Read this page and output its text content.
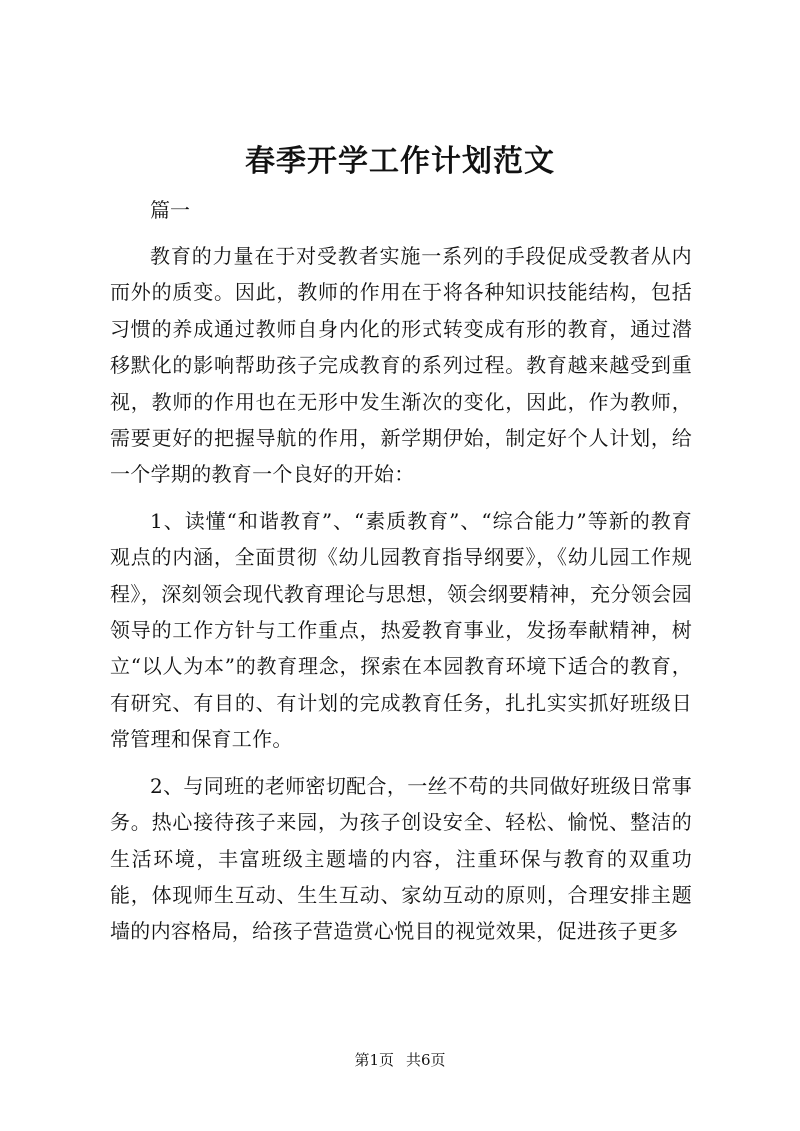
春季开学工作计划范文

篇一

教育的力量在于对受教者实施一系列的手段促成受教者从内而外的质变。因此，教师的作用在于将各种知识技能结构，包括习惯的养成通过教师自身内化的形式转变成有形的教育，通过潜移默化的影响帮助孩子完成教育的系列过程。教育越来越受到重视，教师的作用也在无形中发生渐次的变化，因此，作为教师，需要更好的把握导航的作用，新学期伊始，制定好个人计划，给一个学期的教育一个良好的开始：

1、读懂“和谐教育”、“素质教育”、“综合能力”等新的教育观点的内涵，全面贯彻《幼儿园教育指导纲要》，《幼儿园工作规程》，深刻领会现代教育理论与思想，领会纲要精神，充分领会园领导的工作方针与工作重点，热爱教育事业，发扬奉献精神，树立“以人为本”的教育理念，探索在本园教育环境下适合的教育，有研究、有目的、有计划的完成教育任务，扎扎实实抓好班级日常管理和保育工作。

2、与同班的老师密切配合，一丝不苟的共同做好班级日常事务。热心接待孩子来园，为孩子创设安全、轻松、愉悦、整洁的生活环境，丰富班级主题墙的内容，注重环保与教育的双重功能，体现师生互动、生生互动、家幼互动的原则，合理安排主题墙的内容格局，给孩子营造赏心悦目的视觉效果，促进孩子更多

第1页 共6页
